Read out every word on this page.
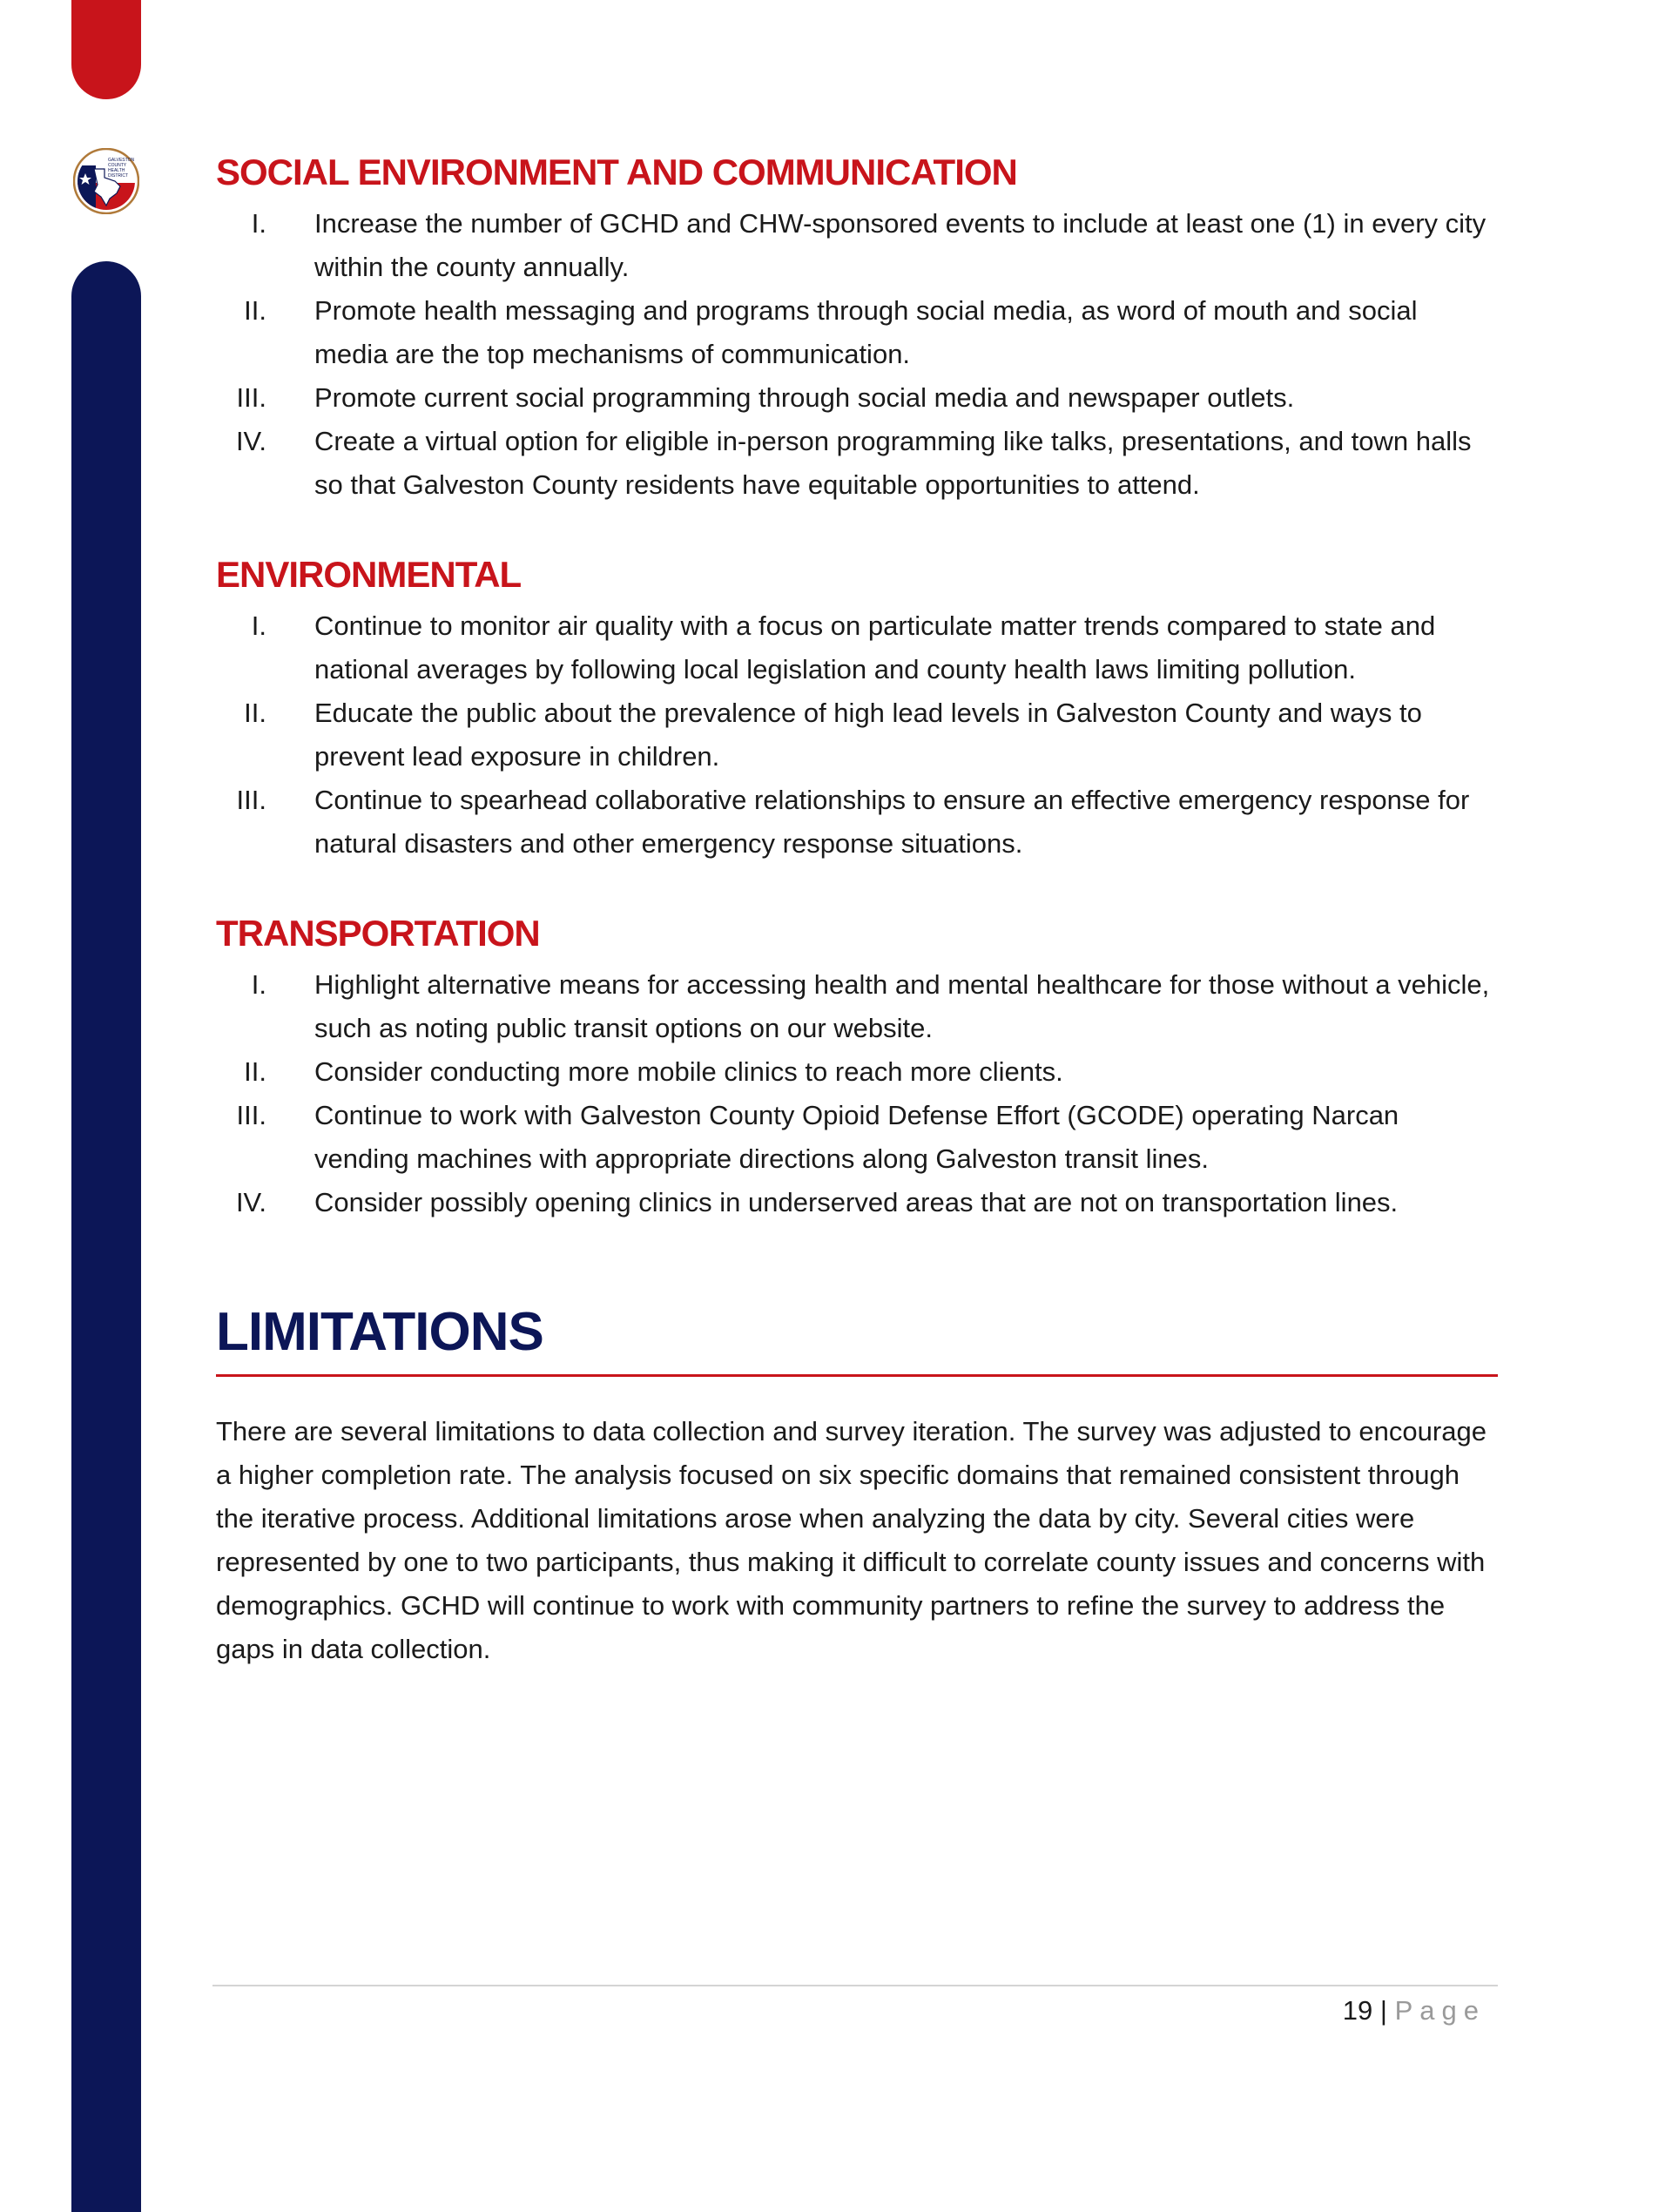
GALVESTON
COUNTY
HEALTH
DISTRICT SOCIAL ENVIRONMENT AND COMMUNICATION
I. Increase the number of GCHD and CHW-sponsored events to include at least one (1) in every city within the county annually.
II. Promote health messaging and programs through social media, as word of mouth and social media are the top mechanisms of communication.
III. Promote current social programming through social media and newspaper outlets.
IV. Create a virtual option for eligible in-person programming like talks, presentations, and town halls so that Galveston County residents have equitable opportunities to attend.
ENVIRONMENTAL
I. Continue to monitor air quality with a focus on particulate matter trends compared to state and national averages by following local legislation and county health laws limiting pollution.
II. Educate the public about the prevalence of high lead levels in Galveston County and ways to prevent lead exposure in children.
III. Continue to spearhead collaborative relationships to ensure an effective emergency response for natural disasters and other emergency response situations.
TRANSPORTATION
I. Highlight alternative means for accessing health and mental healthcare for those without a vehicle, such as noting public transit options on our website.
II. Consider conducting more mobile clinics to reach more clients.
III. Continue to work with Galveston County Opioid Defense Effort (GCODE) operating Narcan vending machines with appropriate directions along Galveston transit lines.
IV. Consider possibly opening clinics in underserved areas that are not on transportation lines.
LIMITATIONS

There are several limitations to data collection and survey iteration. The survey was adjusted to encourage a higher completion rate. The analysis focused on six specific domains that remained consistent through the iterative process. Additional limitations arose when analyzing the data by city. Several cities were represented by one to two participants, thus making it difficult to correlate county issues and concerns with demographics. GCHD will continue to work with community partners to refine the survey to address the gaps in data collection.

19 | Page
